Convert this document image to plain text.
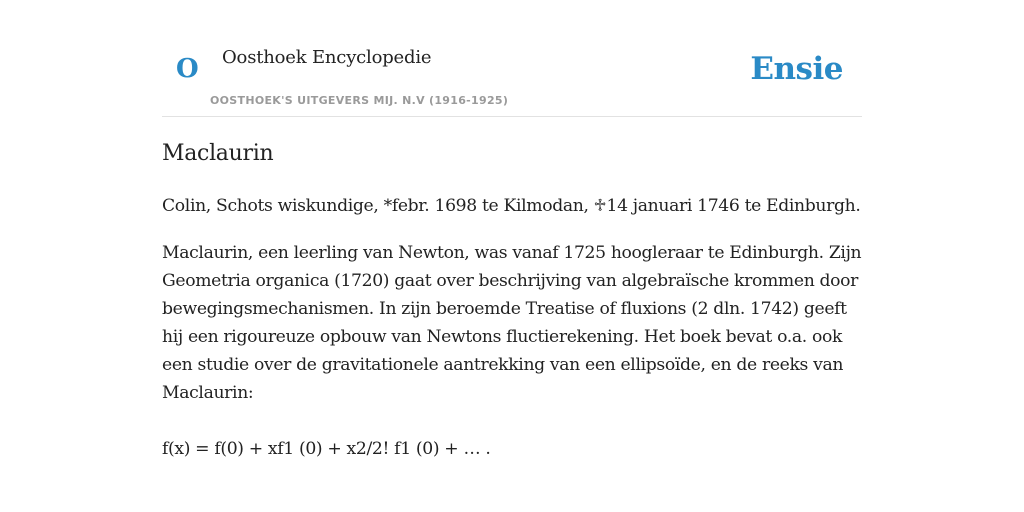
O Oosthoek Encyclopedie
OOSTHOEK'S UITGEVERS MIJ. N.V (1916-1925)
Ensie
Maclaurin

Colin, Schots wiskundige, *febr. 1698 te Kilmodan, ♱14 januari 1746 te Edinburgh.

Maclaurin, een leerling van Newton, was vanaf 1725 hoogleraar te Edinburgh. Zijn Geometria organica (1720) gaat over beschrijving van algebraïsche krommen door bewegingsmechanismen. In zijn beroemde Treatise of fluxions (2 dln. 1742) geeft hij een rigoureuze opbouw van Newtons fluctierekening. Het boek bevat o.a. ook een studie over de gravitationele aantrekking van een ellipsoïde, en de reeks van Maclaurin:

f(x) = f(0) + xf1 (0) + x2/2! f1 (0) + … .
